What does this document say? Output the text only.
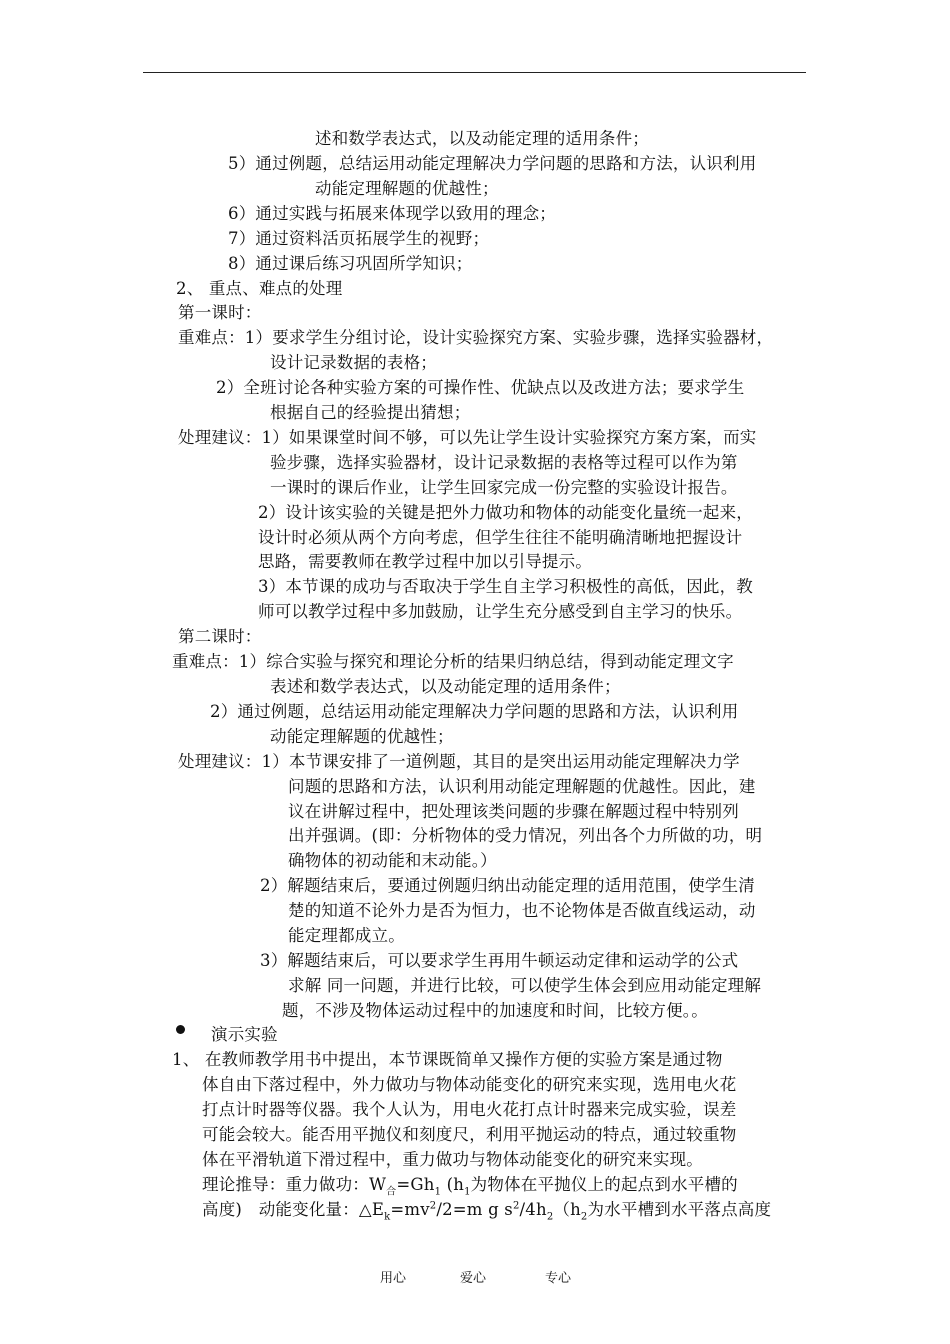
述和数学表达式，以及动能定理的适用条件；
5）通过例题，总结运用动能定理解决力学问题的思路和方法，认识利用
动能定理解题的优越性；
6）通过实践与拓展来体现学以致用的理念；
7）通过资料活页拓展学生的视野；
8）通过课后练习巩固所学知识；
2、 重点、难点的处理
第一课时：
重难点：1）要求学生分组讨论，设计实验探究方案、实验步骤，选择实验器材，
设计记录数据的表格；
2）全班讨论各种实验方案的可操作性、优缺点以及改进方法；要求学生
根据自己的经验提出猜想；
处理建议：1）如果课堂时间不够，可以先让学生设计实验探究方案方案，而实
验步骤，选择实验器材，设计记录数据的表格等过程可以作为第
一课时的课后作业，让学生回家完成一份完整的实验设计报告。
2）设计该实验的关键是把外力做功和物体的动能变化量统一起来，
设计时必须从两个方向考虑，但学生往往不能明确清晰地把握设计
思路，需要教师在教学过程中加以引导提示。
3）本节课的成功与否取决于学生自主学习积极性的高低，因此，教
师可以教学过程中多加鼓励，让学生充分感受到自主学习的快乐。
第二课时：
重难点：1）综合实验与探究和理论分析的结果归纳总结，得到动能定理文字
表述和数学表达式，以及动能定理的适用条件；
2）通过例题，总结运用动能定理解决力学问题的思路和方法，认识利用
动能定理解题的优越性；
处理建议：1）本节课安排了一道例题，其目的是突出运用动能定理解决力学
问题的思路和方法，认识利用动能定理解题的优越性。因此，建
议在讲解过程中，把处理该类问题的步骤在解题过程中特别列
出并强调。(即：分析物体的受力情况，列出各个力所做的功，明
确物体的初动能和末动能。）
2）解题结束后，要通过例题归纳出动能定理的适用范围，使学生清
楚的知道不论外力是否为恒力，也不论物体是否做直线运动，动
能定理都成立。
3）解题结束后，可以要求学生再用牛顿运动定律和运动学的公式
求解 同一问题，并进行比较，可以使学生体会到应用动能定理解
题，不涉及物体运动过程中的加速度和时间，比较方便。。
演示实验
1、 在教师教学用书中提出，本节课既简单又操作方便的实验方案是通过物
体自由下落过程中，外力做功与物体动能变化的研究来实现，选用电火花
打点计时器等仪器。我个人认为，用电火花打点计时器来完成实验，误差
可能会较大。能否用平抛仪和刻度尺，利用平抛运动的特点，通过较重物
体在平滑轨道下滑过程中，重力做功与物体动能变化的研究来实现。
理论推导：重力做功：$W_合=Gh_1$ ($h_1$为物体在平抛仪上的起点到水平槽的
高度)　动能变化量：$\triangle E_k=mv^2/2=m$ g $s^2/4h_2(h_2$为水平槽到水平落点高度
用心	爱心	专心
